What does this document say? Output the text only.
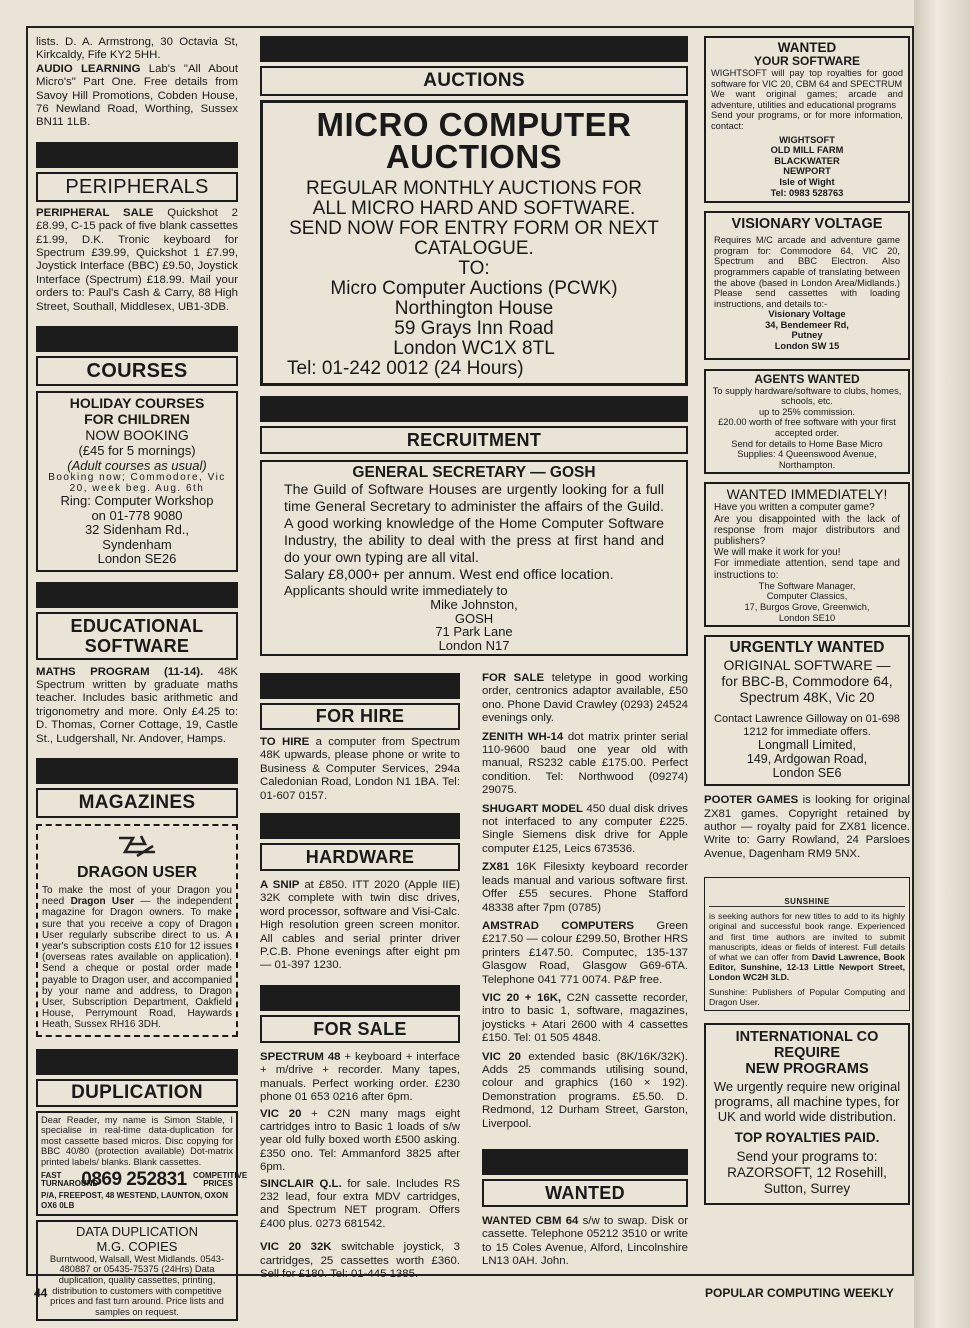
lists. D. A. Armstrong, 30 Octavia St, Kirkcaldy, Fife KY2 5HH.

AUDIO LEARNING Lab's "All About Micro's" Part One. Free details from Savoy Hill Promotions, Cobden House, 76 Newland Road, Worthing, Sussex BN11 1LB.

PERIPHERALS

PERIPHERAL SALE Quickshot 2 £8.99, C-15 pack of five blank cassettes £1.99, D.K. Tronic keyboard for Spectrum £39.99, Quickshot 1 £7.99, Joystick Interface (BBC) £9.50, Joystick Interface (Spectrum) £18.99. Mail your orders to: Paul's Cash & Carry, 88 High Street, Southall, Middlesex, UB1-3DB.

COURSES
HOLIDAY COURSES
FOR CHILDREN
NOW BOOKING
(£45 for 5 mornings)
(Adult courses as usual)
Booking now; Commodore, Vic 20, week beg. Aug. 6th
Ring: Computer Workshop
on 01-778 9080
32 Sidenham Rd.,
Syndenham
London SE26
EDUCATIONAL SOFTWARE

MATHS PROGRAM (11-14). 48K Spectrum written by graduate maths teacher. Includes basic arithmetic and trigonometry and more. Only £4.25 to: D. Thomas, Corner Cottage, 19, Castle St., Ludgershall, Nr. Andover, Hamps.

MAGAZINES
DRAGON USER

To make the most of your Dragon you need Dragon User — the independent magazine for Dragon owners. To make sure that you receive a copy of Dragon User regularly subscribe direct to us. A year's subscription costs £10 for 12 issues (overseas rates available on application). Send a cheque or postal order made payable to Dragon user, and accompanied by your name and address, to Dragon User, Subscription Department, Oakfield House, Perrymount Road, Haywards Heath, Sussex RH16 3DH.

DUPLICATION

Dear Reader, my name is Simon Stable, I specialise in real-time data-duplication for most cassette based micros. Disc copying for BBC 40/80 (protection available) Dot-matrix printed labels/ blanks. Blank cassettes.

FAST TURNAROUND
0869 252831 COMPETITIVE PRICES
P/A, FREEPOST, 48 WESTEND, LAUNTON, OXON OX6 0LB
DATA DUPLICATION
M.G. COPIES

Burntwood, Walsall, West Midlands. 0543-480887 or 05435-75375 (24Hrs) Data duplication, quality cassettes, printing, distribution to customers with competitive prices and fast turn around. Price lists and samples on request.

AUCTIONS
MICRO COMPUTER
AUCTIONS
REGULAR MONTHLY AUCTIONS FOR
ALL MICRO HARD AND SOFTWARE.
SEND NOW FOR ENTRY FORM OR NEXT
CATALOGUE.
TO:
Micro Computer Auctions (PCWK)
Northington House
59 Grays Inn Road
London WC1X 8TL
Tel: 01-242 0012 (24 Hours)
RECRUITMENT
GENERAL SECRETARY — GOSH

The Guild of Software Houses are urgently looking for a full time General Secretary to administer the affairs of the Guild. A good working knowledge of the Home Computer Software Industry, the ability to deal with the press at first hand and do your own typing are all vital.

Salary £8,000+ per annum. West end office location.

Applicants should write immediately to

Mike Johnston,
GOSH
71 Park Lane
London N17
FOR HIRE

TO HIRE a computer from Spectrum 48K upwards, please phone or write to Business & Computer Services, 294a Caledonian Road, London N1 1BA. Tel: 01-607 0157.

HARDWARE

A SNIP at £850. ITT 2020 (Apple IIE) 32K complete with twin disc drives, word processor, software and Visi-Calc. High resolution green screen monitor. All cables and serial printer driver P.C.B. Phone evenings after eight pm — 01-397 1230.

FOR SALE

SPECTRUM 48 + keyboard + interface + m/drive + recorder. Many tapes, manuals. Perfect working order. £230 phone 01 653 0216 after 6pm.

VIC 20 + C2N many mags eight cartridges intro to Basic 1 loads of s/w year old fully boxed worth £500 asking. £350 ono. Tel: Ammanford 3825 after 6pm.

SINCLAIR Q.L. for sale. Includes RS 232 lead, four extra MDV cartridges, and Spectrum NET program. Offers £400 plus. 0273 681542.

VIC 20 32K switchable joystick, 3 cartridges, 25 cassettes worth £360. Sell for £180. Tel: 01-445 1385.

FOR SALE teletype in good working order, centronics adaptor available, £50 ono. Phone David Crawley (0293) 24524 evenings only.

ZENITH WH-14 dot matrix printer serial 110-9600 baud one year old with manual, RS232 cable £175.00. Perfect condition. Tel: Northwood (09274) 29075.

SHUGART MODEL 450 dual disk drives not interfaced to any computer £225. Single Siemens disk drive for Apple computer £125, Leics 673536.

ZX81 16K Filesixty keyboard recorder leads manual and various software first. Offer £55 secures. Phone Stafford 48338 after 7pm (0785)

AMSTRAD COMPUTERS Green £217.50 — colour £299.50, Brother HRS printers £147.50. Computec, 135-137 Glasgow Road, Glasgow G69-6TA. Telephone 041 771 0074. P&P free.

VIC 20 + 16K, C2N cassette recorder, intro to basic 1, software, magazines, joysticks + Atari 2600 with 4 cassettes £150. Tel: 01 505 4848.

VIC 20 extended basic (8K/16K/32K). Adds 25 commands utilising sound, colour and graphics (160 × 192). Demonstration programs. £5.50. D. Redmond, 12 Durham Street, Garston, Liverpool.

WANTED

WANTED CBM 64 s/w to swap. Disk or cassette. Telephone 05212 3510 or write to 15 Coles Avenue, Alford, Lincolnshire LN13 0AH. John.

WANTED
YOUR SOFTWARE

WIGHTSOFT will pay top royalties for good software for VIC 20, CBM 64 and SPECTRUM

We want original games; arcade and adventure, utilities and educational programs

Send your programs, or for more information, contact:

WIGHTSOFT
OLD MILL FARM
BLACKWATER
NEWPORT
Isle of Wight
Tel: 0983 528763
VISIONARY VOLTAGE

Requires M/C arcade and adventure game program for: Commodore 64, VIC 20, Spectrum and BBC Electron. Also programmers capable of translating between the above (based in London Area/Midlands.) Please send cassettes with loading instructions, and details to:-

Visionary Voltage
34, Bendemeer Rd,
Putney
London SW 15
AGENTS WANTED
To supply hardware/software to clubs, homes, schools, etc.
up to 25% commission.
£20.00 worth of free software with your first accepted order.
Send for details to Home Base Micro Supplies: 4 Queenswood Avenue, Northampton.
WANTED IMMEDIATELY!

Have you written a computer game?

Are you disappointed with the lack of response from major distributors and publishers?

We will make it work for you!

For immediate attention, send tape and instructions to:

The Software Manager,
Computer Classics,
17, Burgos Grove, Greenwich,
London SE10
URGENTLY WANTED
ORIGINAL SOFTWARE —
for BBC-B, Commodore 64,
Spectrum 48K, Vic 20
Contact Lawrence Gilloway on 01-698 1212 for immediate offers.
Longmall Limited,
149, Ardgowan Road,
London SE6

POOTER GAMES is looking for original ZX81 games. Copyright retained by author — royalty paid for ZX81 licence. Write to: Garry Rowland, 24 Parsloes Avenue, Dagenham RM9 5NX.

SUNSHINE

is seeking authors for new titles to add to its highly original and successful book range. Experienced and first time authors are invited to submit manuscripts, ideas or fields of interest. Full details of what we can offer from David Lawrence, Book Editor, Sunshine, 12-13 Little Newport Street, London WC2H 3LD.

Sunshine: Publishers of Popular Computing and Dragon User.

INTERNATIONAL CO
REQUIRE
NEW PROGRAMS
We urgently require new original programs, all machine types, for UK and world wide distribution.
TOP ROYALTIES PAID.
Send your programs to:
RAZORSOFT, 12 Rosehill,
Sutton, Surrey
44	POPULAR COMPUTING WEEKLY
